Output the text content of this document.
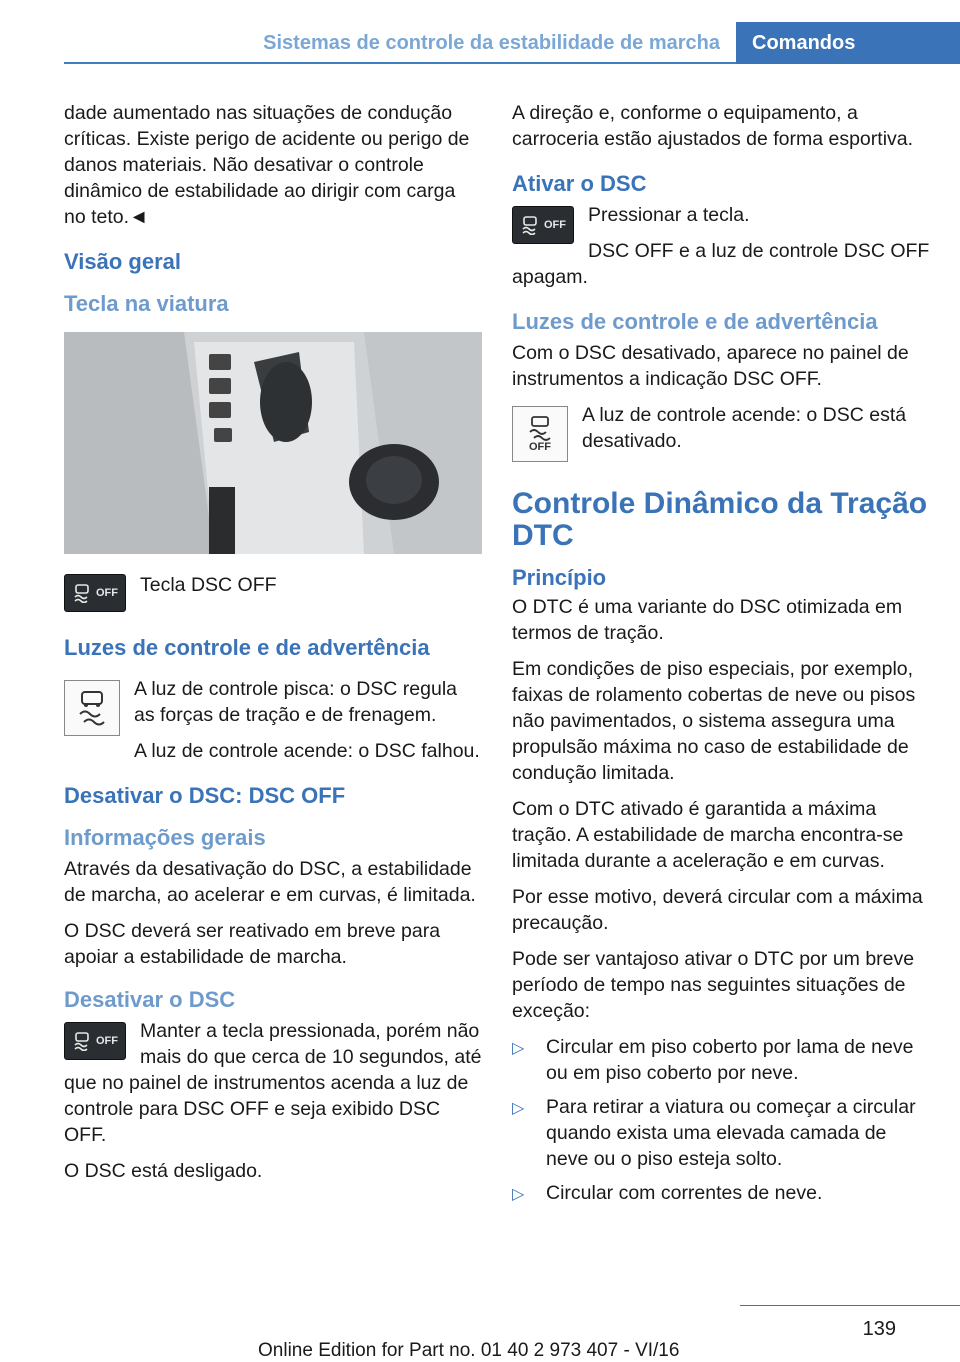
Sistemas de controle da estabilidade de marcha	Comandos

dade aumentado nas situações de condução críticas. Existe perigo de acidente ou perigo de danos materiais. Não desativar o controle dinâmico de estabilidade ao dirigir com carga no teto.◄

Visão geral
Tecla na viatura
OFF	Tecla DSC OFF

Luzes de controle e de advertência

A luz de controle pisca: o DSC regula as forças de tração e de frenagem.

A luz de controle acende: o DSC falhou.

Desativar o DSC: DSC OFF
Informações gerais

Através da desativação do DSC, a estabilidade de marcha, ao acelerar e em curvas, é limitada.

O DSC deverá ser reativado em breve para apoiar a estabilidade de marcha.

Desativar o DSC
OFF	Manter a tecla pressionada, porém não mais do que cerca de 10 segundos, até que no painel de instrumentos acenda a luz de controle para DSC OFF e seja exibido DSC OFF.

O DSC está desligado.

A direção e, conforme o equipamento, a carroceria estão ajustados de forma esportiva.

Ativar o DSC
OFF	Pressionar a tecla.

DSC OFF e a luz de controle DSC OFF apagam.

Luzes de controle e de advertência

Com o DSC desativado, aparece no painel de instrumentos a indicação DSC OFF.

OFF

A luz de controle acende: o DSC está desativado.

Controle Dinâmico da Tração DTC
Princípio

O DTC é uma variante do DSC otimizada em termos de tração.

Em condições de piso especiais, por exemplo, faixas de rolamento cobertas de neve ou pisos não pavimentados, o sistema assegura uma propulsão máxima no caso de estabilidade de condução limitada.

Com o DTC ativado é garantida a máxima tração. A estabilidade de marcha encontra-se limitada durante a aceleração e em curvas.

Por esse motivo, deverá circular com a máxima precaução.

Pode ser vantajoso ativar o DTC por um breve período de tempo nas seguintes situações de exceção:

▷ Circular em piso coberto por lama de neve ou em piso coberto por neve.
▷ Para retirar a viatura ou começar a circular quando exista uma elevada camada de neve ou o piso esteja solto.
▷ Circular com correntes de neve.
139
Online Edition for Part no. 01 40 2 973 407 - VI/16
